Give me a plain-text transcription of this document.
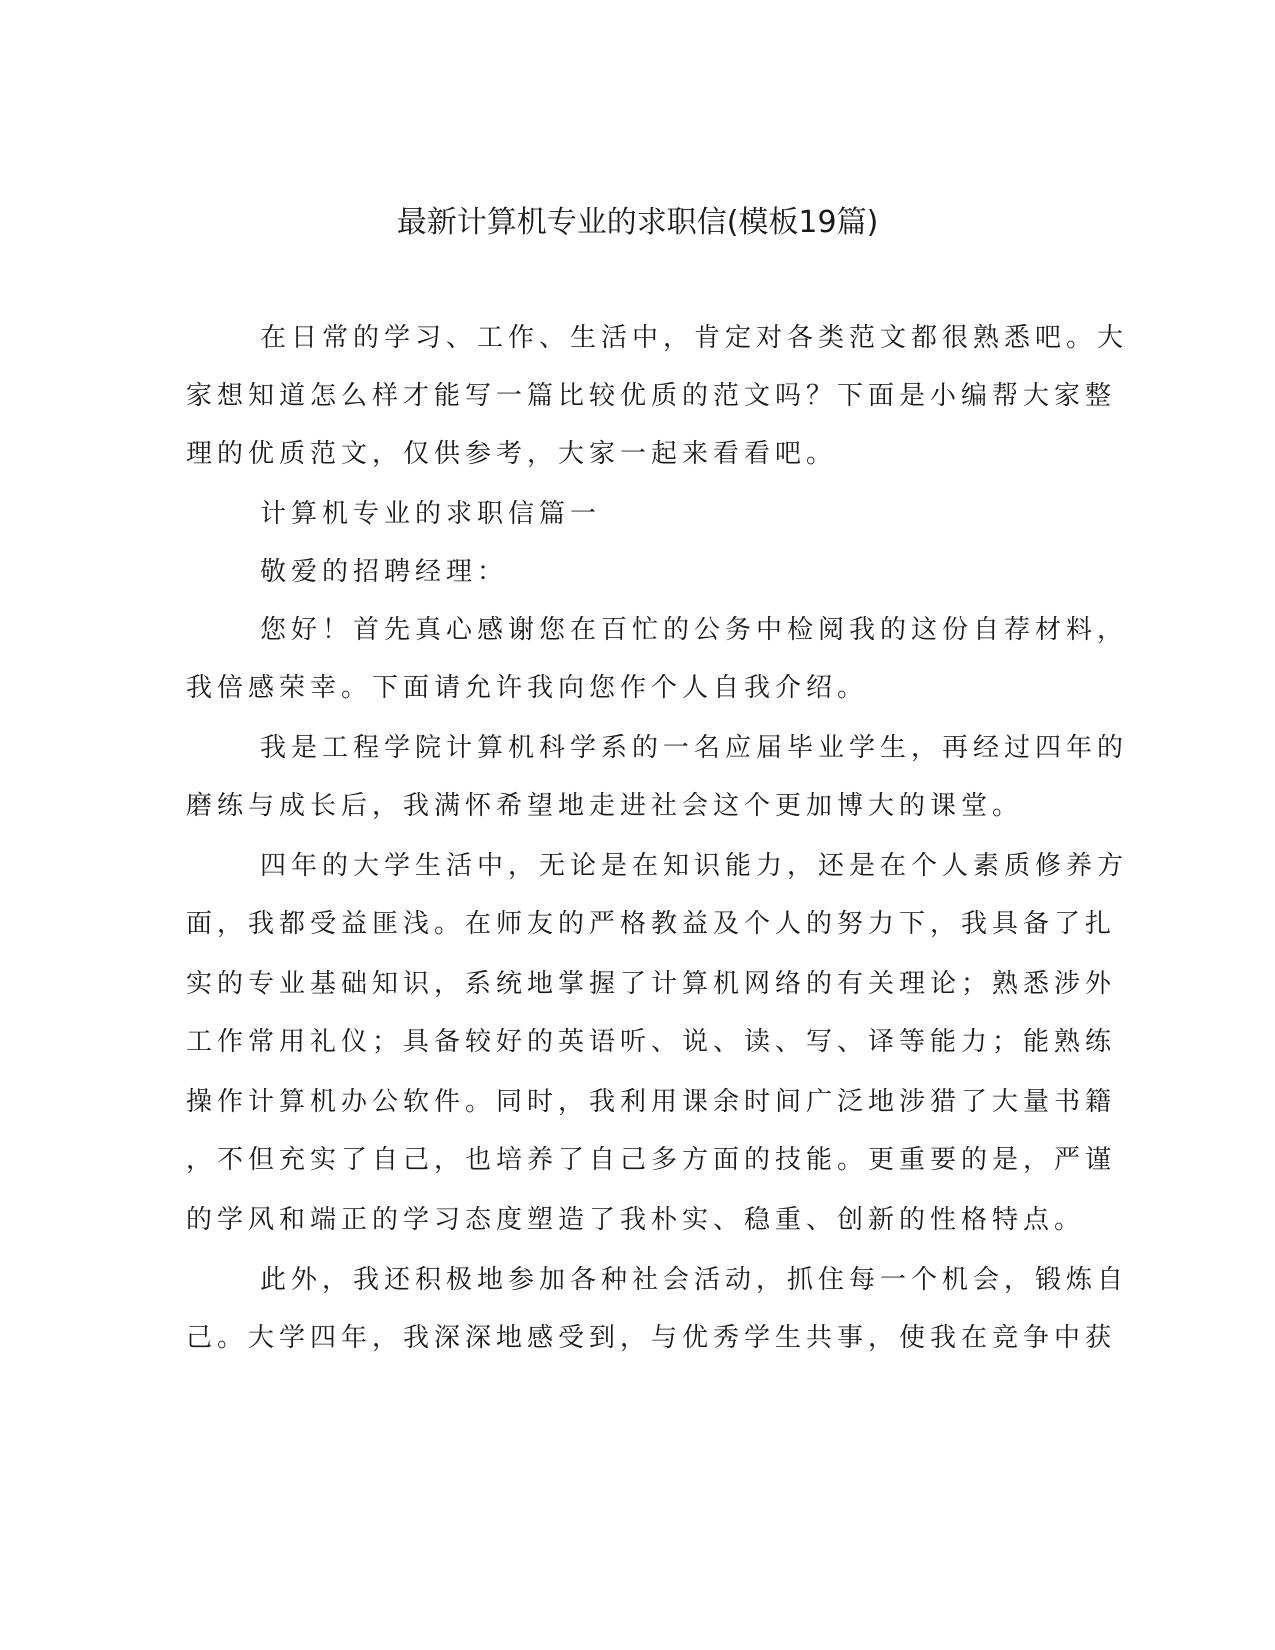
最新计算机专业的求职信(模板19篇)
在日常的学习、工作、生活中，肯定对各类范文都很熟悉吧。大
家想知道怎么样才能写一篇比较优质的范文吗？下面是小编帮大家整
理的优质范文，仅供参考，大家一起来看看吧。
计算机专业的求职信篇一
敬爱的招聘经理：
您好！首先真心感谢您在百忙的公务中检阅我的这份自荐材料，
我倍感荣幸。下面请允许我向您作个人自我介绍。
我是工程学院计算机科学系的一名应届毕业学生，再经过四年的
磨练与成长后，我满怀希望地走进社会这个更加博大的课堂。
四年的大学生活中，无论是在知识能力，还是在个人素质修养方
面，我都受益匪浅。在师友的严格教益及个人的努力下，我具备了扎
实的专业基础知识，系统地掌握了计算机网络的有关理论；熟悉涉外
工作常用礼仪；具备较好的英语听、说、读、写、译等能力；能熟练
操作计算机办公软件。同时，我利用课余时间广泛地涉猎了大量书籍
，不但充实了自己，也培养了自己多方面的技能。更重要的是，严谨
的学风和端正的学习态度塑造了我朴实、稳重、创新的性格特点。
此外，我还积极地参加各种社会活动，抓住每一个机会，锻炼自
己。大学四年，我深深地感受到，与优秀学生共事，使我在竞争中获
